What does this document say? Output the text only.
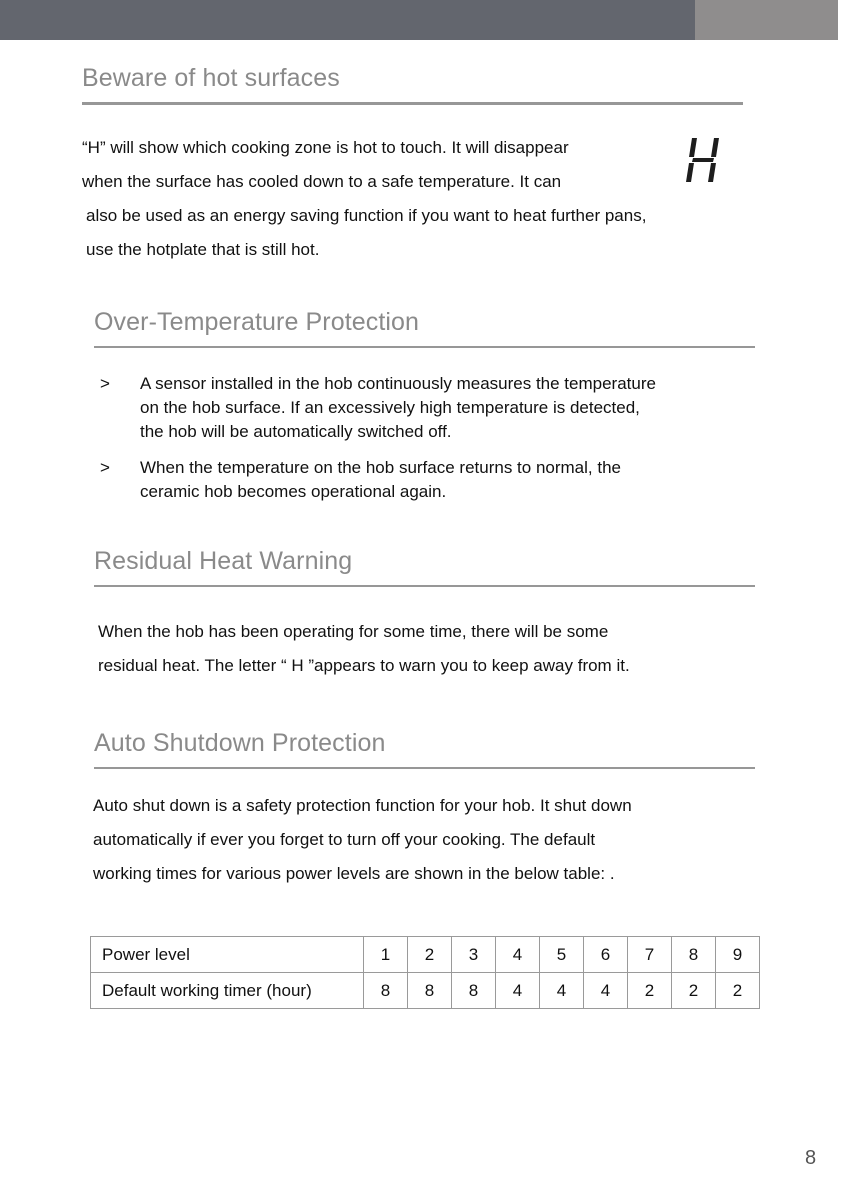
Beware of hot surfaces

“H” will show which cooking zone is hot to touch. It will disappear

when the surface has cooled down to a safe temperature. It can

also be used as an energy saving function if you want to heat further pans,

use the hotplate that is still hot.

Over-Temperature Protection
> A sensor installed in the hob continuously measures the temperature
on the hob surface. If an excessively high temperature is detected,
the hob will be automatically switched off.
> When the temperature on the hob surface returns to normal, the
ceramic hob becomes operational again.
Residual Heat Warning

When the hob has been operating for some time, there will be some

residual heat. The letter “ H ”appears to warn you to keep away from it.

Auto Shutdown Protection

Auto shut down is a safety protection function for your hob. It shut down

automatically if ever you forget to turn off your cooking. The default

working times for various power levels are shown in the below table: .

Power level	1	2	3	4	5	6	7	8	9
Default working timer (hour)	8	8	8	4	4	4	2	2	2
8
